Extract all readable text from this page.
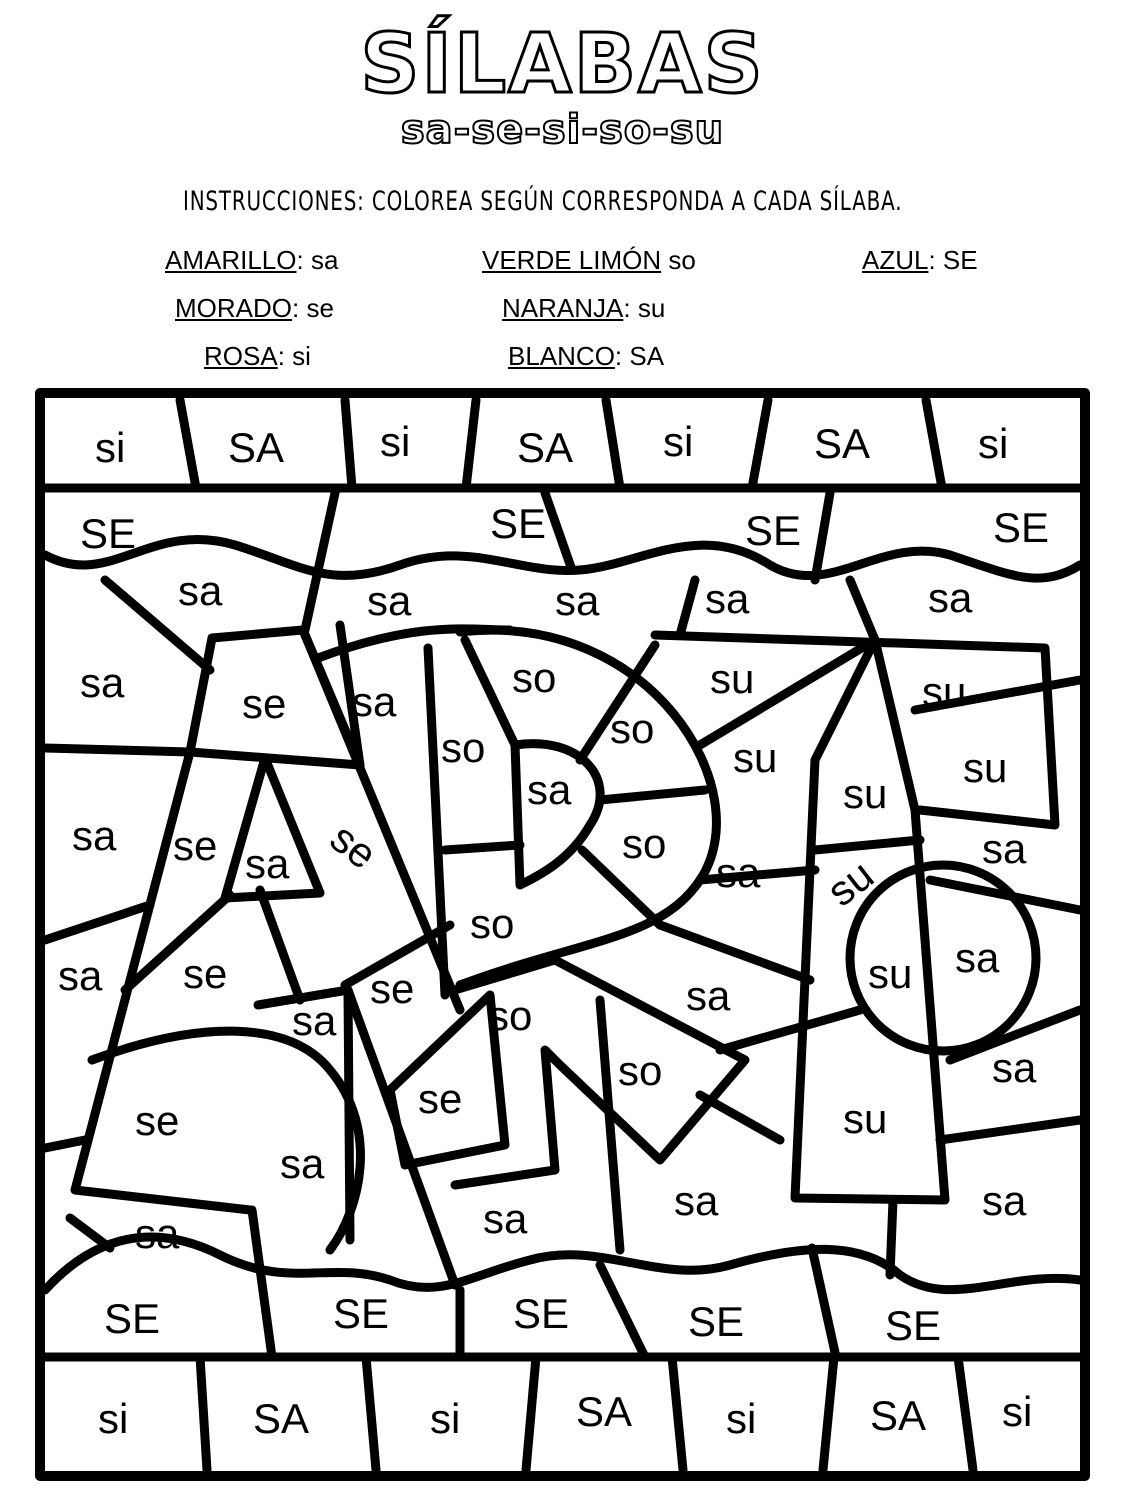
SÍLABAS
sa-se-si-so-su
INSTRUCCIONES: COLOREA SEGÚN CORRESPONDA A CADA SÍLABA.
AMARILLO: sa	VERDE LIMÓN so	AZUL: SE
MORADO: se	NARANJA: su
ROSA: si	BLANCO: SA
si SA si	SA si	SA	si
si	SA	si	SA si	SA si
SE	SE	SE	SE
SE	SE	SE	SE	SE
sa	sa	sa	sa	sa
sa	se sa
so	su	su
so
so
sa
su	su
su
sa se sa se	so
sa
sa
sa
su
so
sa
su
sa
sa
se
sa
se
so
sa
sa
se
so
su
sa
se
sa
sa
